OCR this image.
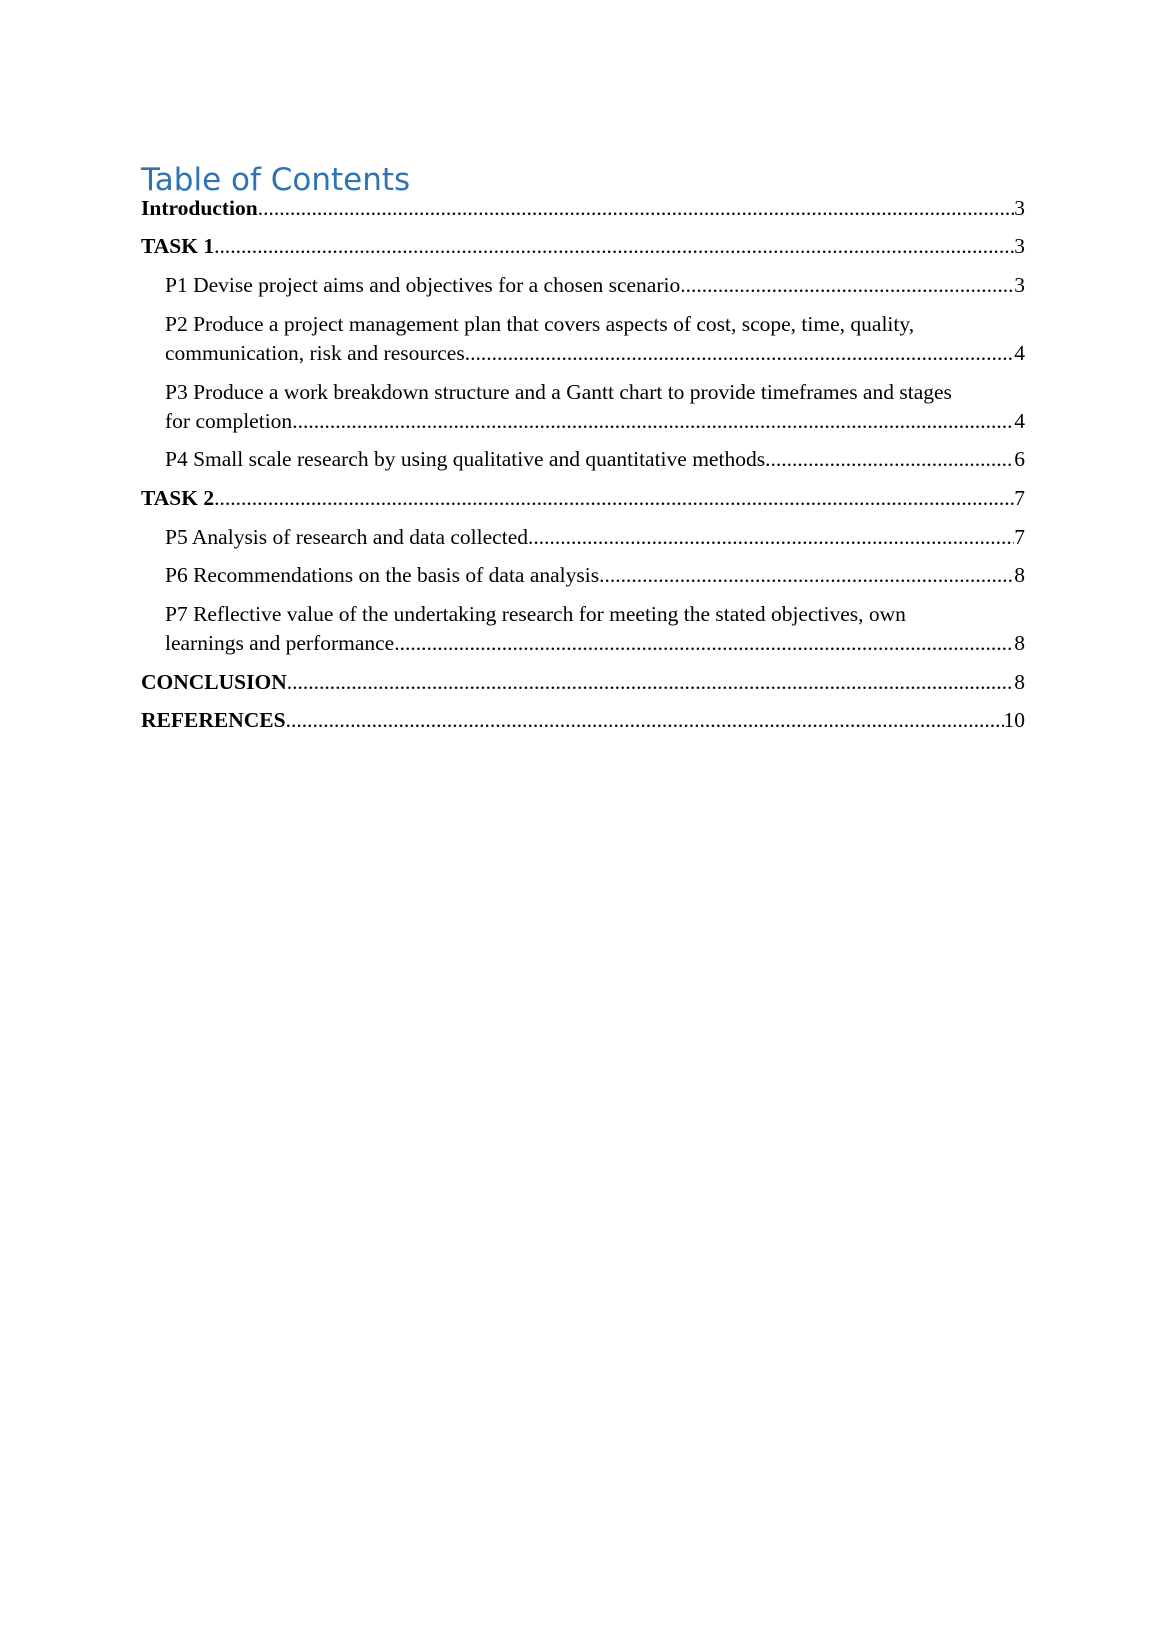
Table of Contents
Introduction .....	3
TASK 1 .....	3
P1 Devise project aims and objectives for a chosen scenario .....	3
P2 Produce a project management plan that covers aspects of cost, scope, time, quality,
communication, risk and resources .....	4
P3 Produce a work breakdown structure and a Gantt chart to provide timeframes and stages
for completion .....	4
P4 Small scale research by using qualitative and quantitative methods .....	6
TASK 2 .....	7
P5 Analysis of research and data collected .....	7
P6 Recommendations on the basis of data analysis .....	8
P7 Reflective value of the undertaking research for meeting the stated objectives, own
learnings and performance .....	8
CONCLUSION .....	8
REFERENCES .....	10
